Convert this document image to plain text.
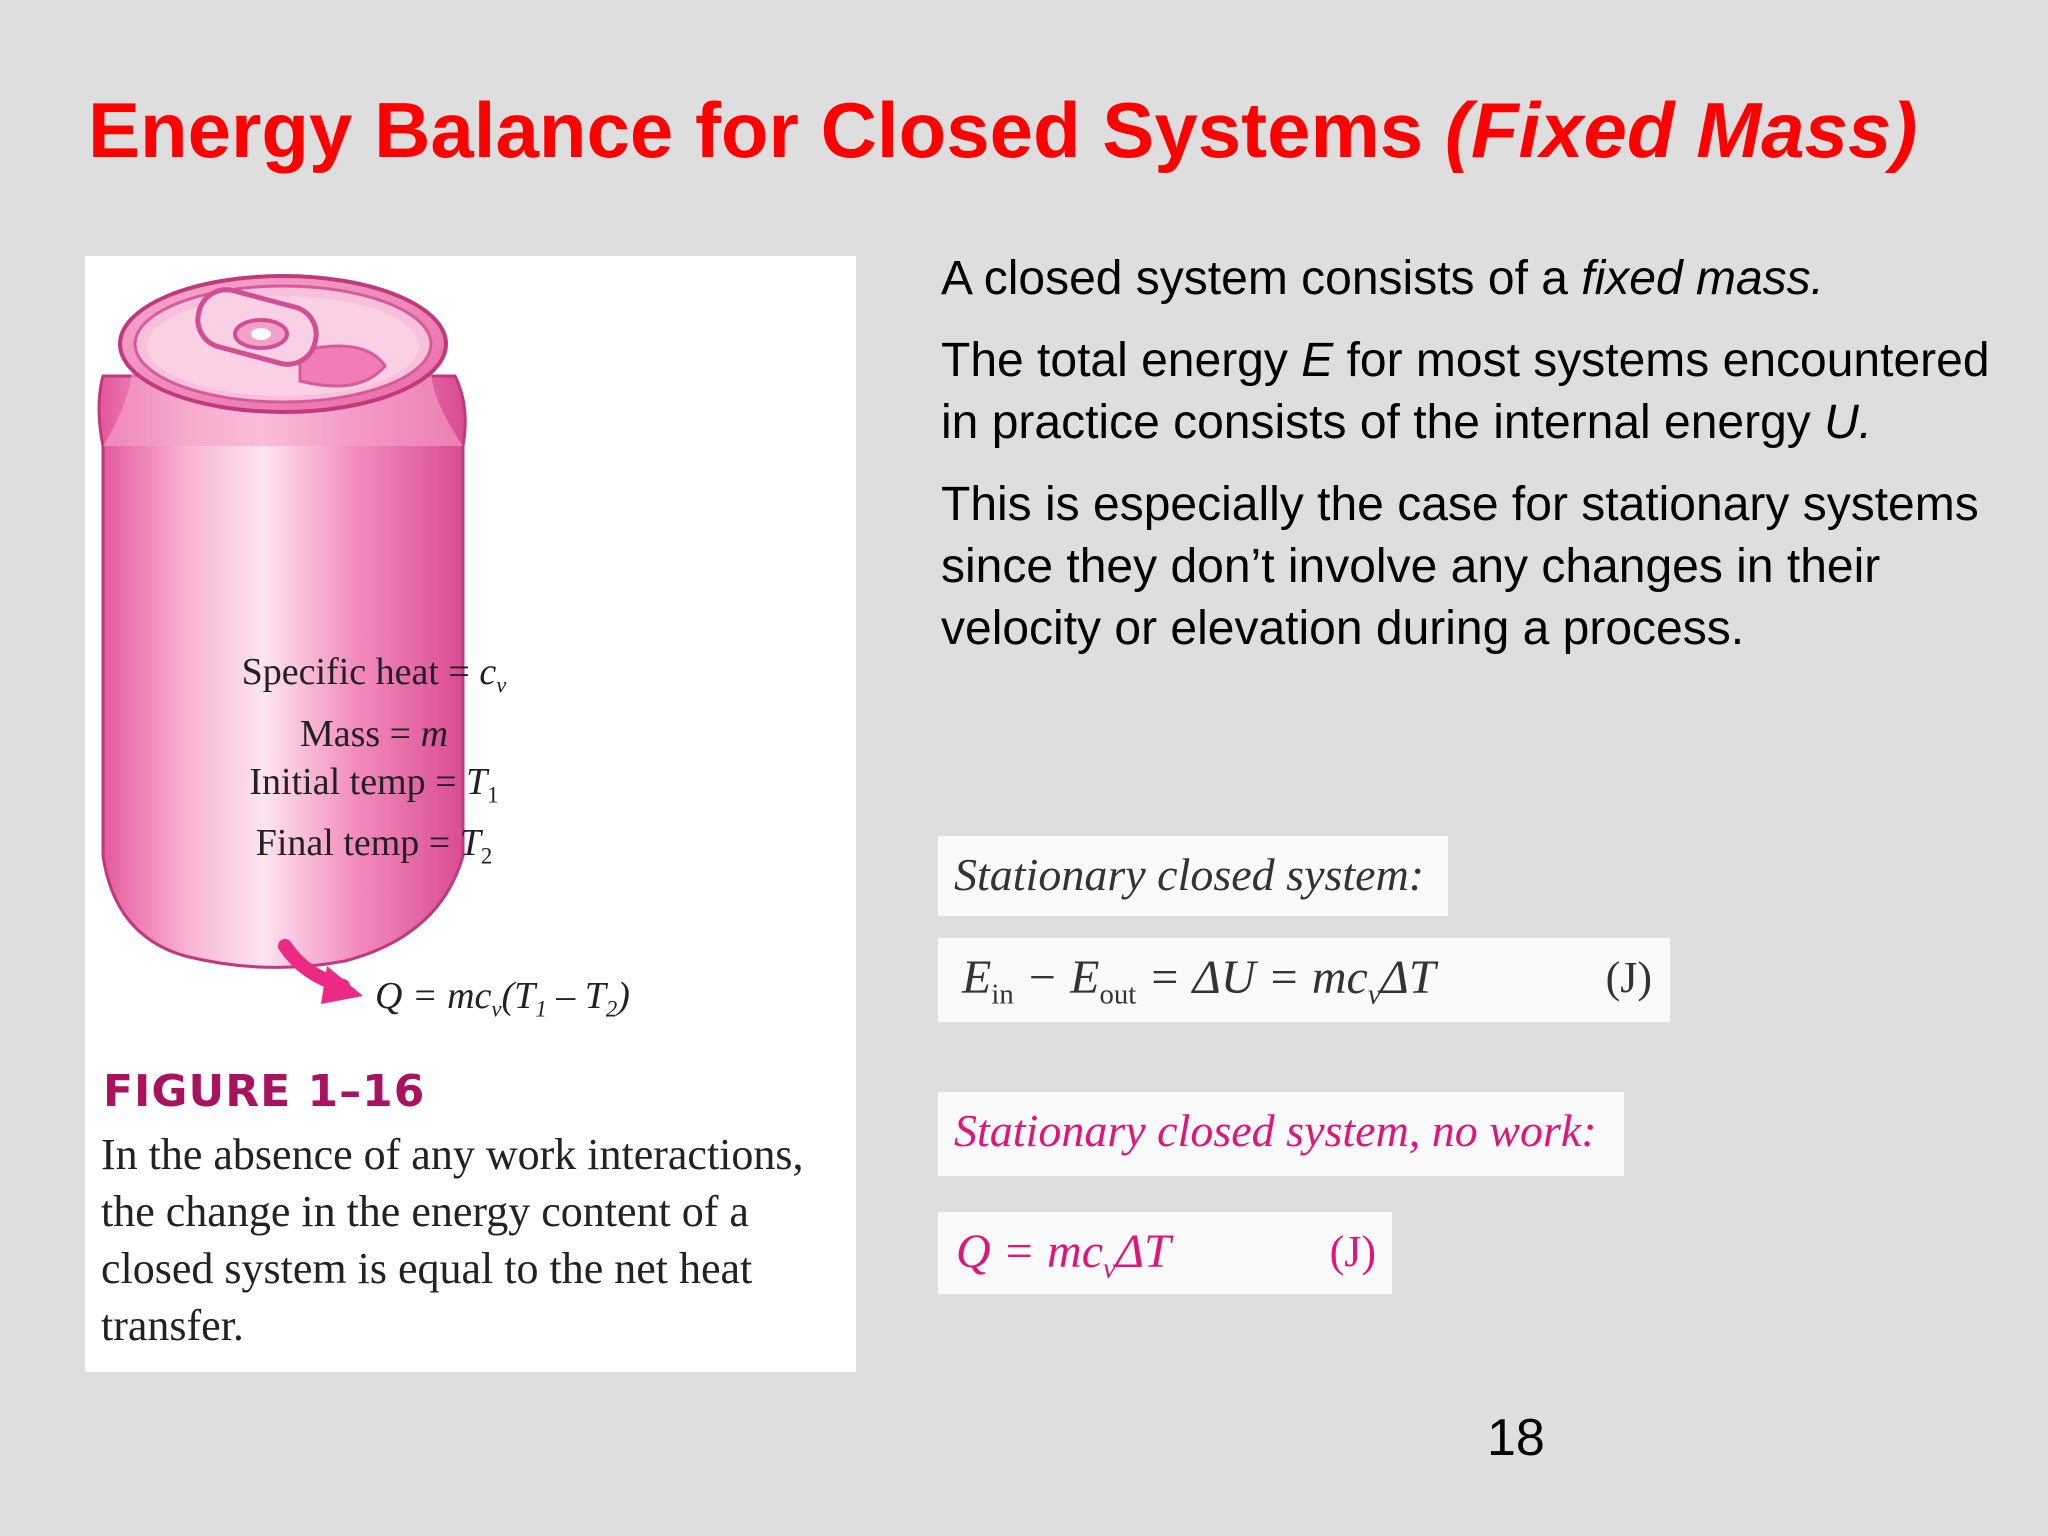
Energy Balance for Closed Systems (Fixed Mass)
Specific heat = $c_v$
Mass = m
Initial temp = $T_1$
Final temp = $T_2$
$Q = mc_v(T_1 - T_2)$
FIGURE 1–16

In the absence of any work interactions, the change in the energy content of a closed system is equal to the net heat transfer.

A closed system consists of a fixed mass.

The total energy E for most systems encountered in practice consists of the internal energy U.

This is especially the case for stationary systems since they don’t involve any changes in their velocity or elevation during a process.

Stationary closed system:
$E_{in} - E_{out} = \Delta U = mc_v\Delta T$	(J)
Stationary closed system, no work:
$Q = mc_v\Delta T$	(J)
18
